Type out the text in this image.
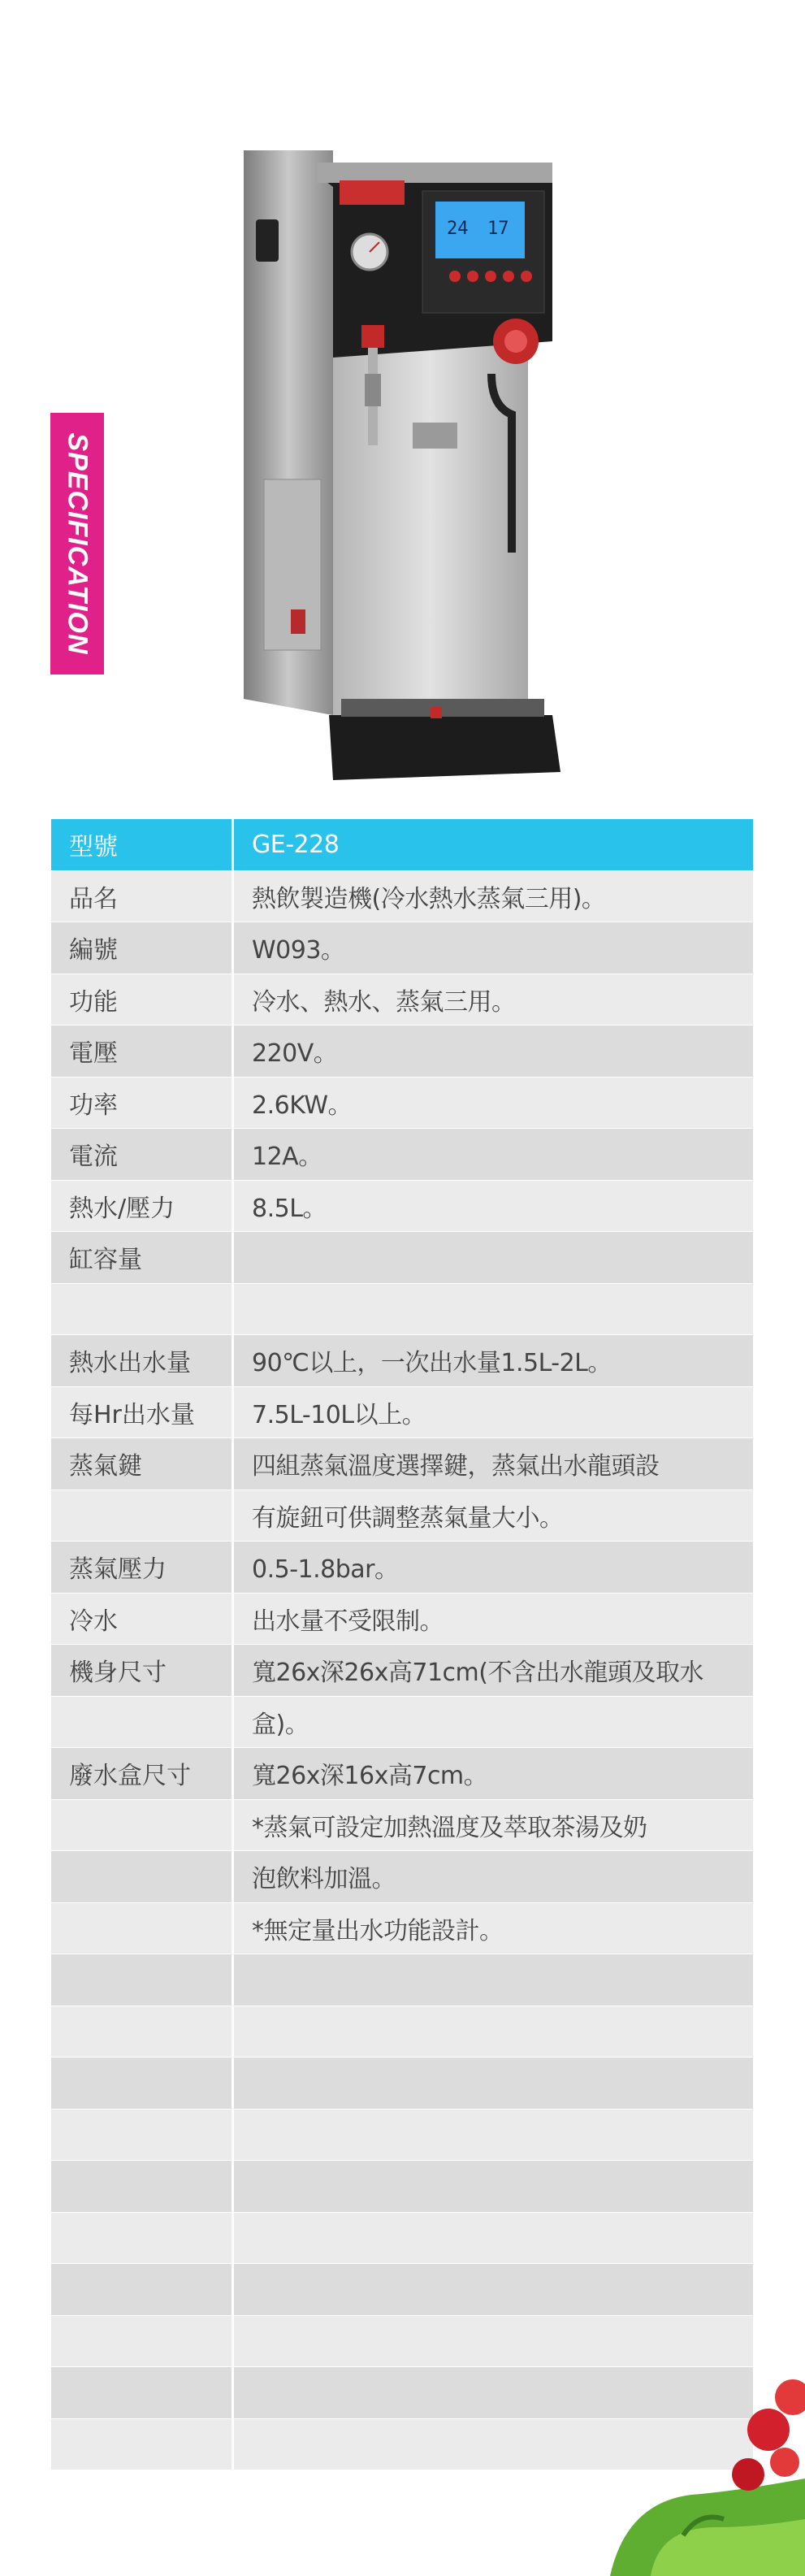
SPECIFICATION
24 17
型號	GE-228
品名	熱飲製造機(冷水熱水蒸氣三用)。
編號	W093。
功能	冷水、熱水、蒸氣三用。
電壓	220V。
功率	2.6KW。
電流	12A。
熱水/壓力	8.5L。
缸容量	

熱水出水量	90℃以上，一次出水量1.5L-2L。
每Hr出水量	7.5L-10L以上。
蒸氣鍵	四組蒸氣溫度選擇鍵，蒸氣出水龍頭設
	有旋鈕可供調整蒸氣量大小。
蒸氣壓力	0.5-1.8bar。
冷水	出水量不受限制。
機身尺寸	寬26x深26x高71cm(不含出水龍頭及取水
	盒)。
廢水盒尺寸	寬26x深16x高7cm。
	*蒸氣可設定加熱溫度及萃取茶湯及奶
	泡飲料加溫。
	*無定量出水功能設計。
